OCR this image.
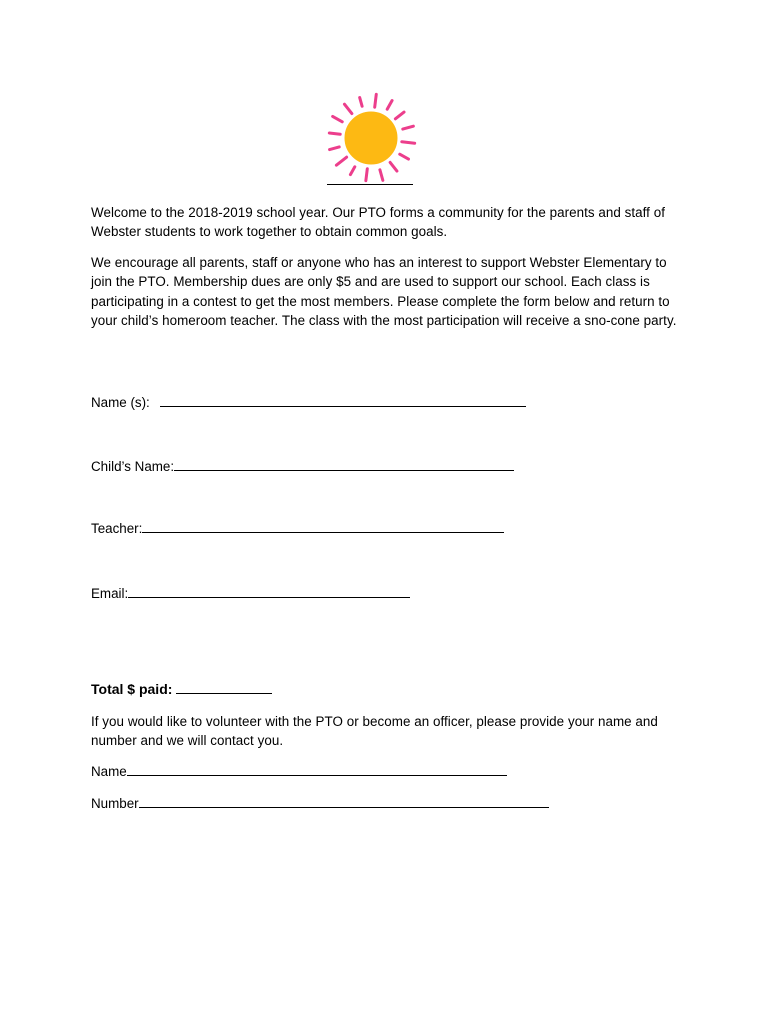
Welcome to the 2018-2019 school year. Our PTO forms a community for the parents and staff of Webster students to work together to obtain common goals.
We encourage all parents, staff or anyone who has an interest to support Webster Elementary to join the PTO. Membership dues are only $5 and are used to support our school. Each class is participating in a contest to get the most members. Please complete the form below and return to your child’s homeroom teacher. The class with the most participation will receive a sno-cone party.
Name (s):
Child’s Name:
Teacher:
Email:
Total $ paid:
If you would like to volunteer with the PTO or become an officer, please provide your name and number and we will contact you.
Name
Number
